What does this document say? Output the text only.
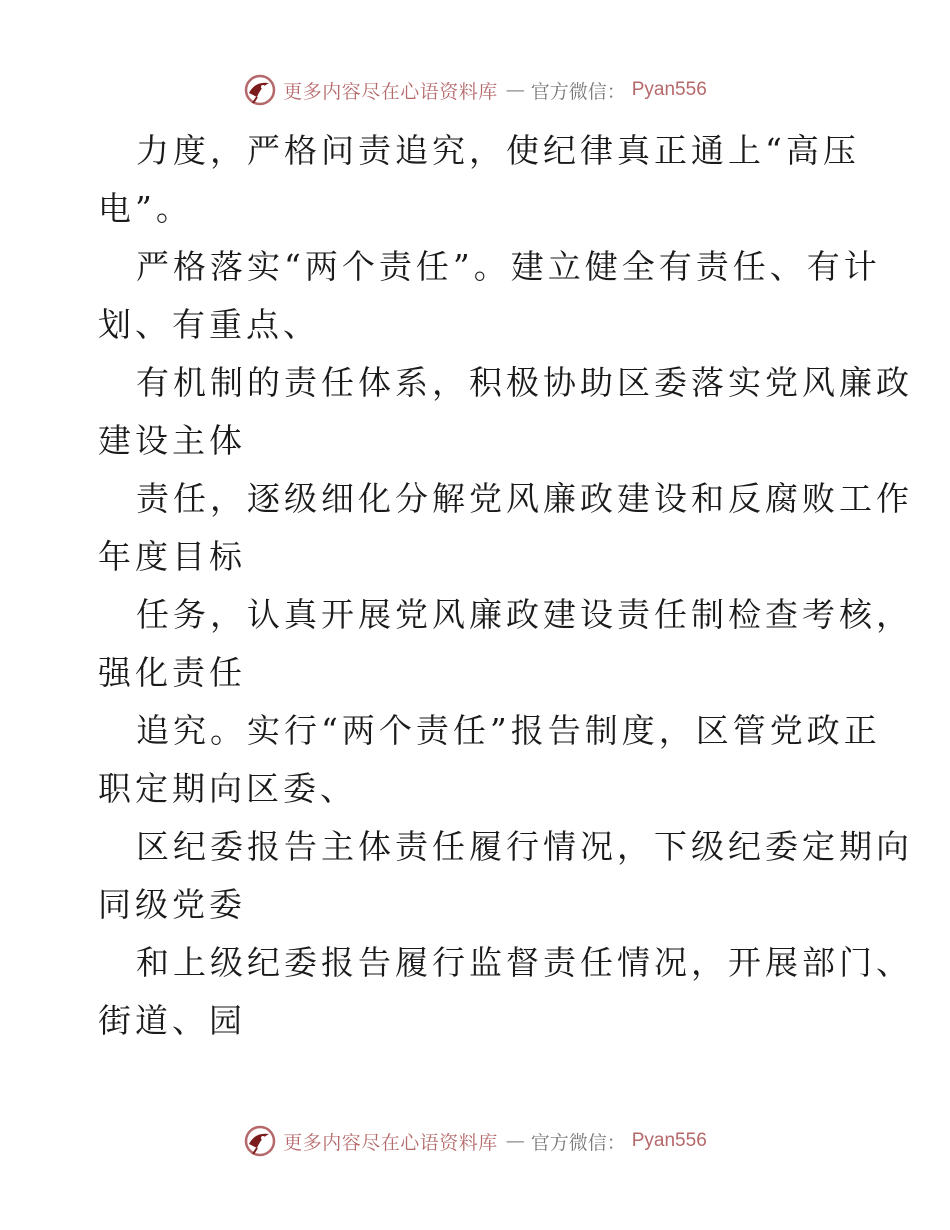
更多内容尽在心语资料库 — 官方微信： Pyan556
力度，严格问责追究，使纪律真正通上“高压
电”。
严格落实“两个责任”。建立健全有责任、有计
划、有重点、
有机制的责任体系，积极协助区委落实党风廉政
建设主体
责任，逐级细化分解党风廉政建设和反腐败工作
年度目标
任务，认真开展党风廉政建设责任制检查考核，
强化责任
追究。实行“两个责任”报告制度，区管党政正
职定期向区委、
区纪委报告主体责任履行情况，下级纪委定期向
同级党委
和上级纪委报告履行监督责任情况，开展部门、
街道、园
更多内容尽在心语资料库 — 官方微信： Pyan556
